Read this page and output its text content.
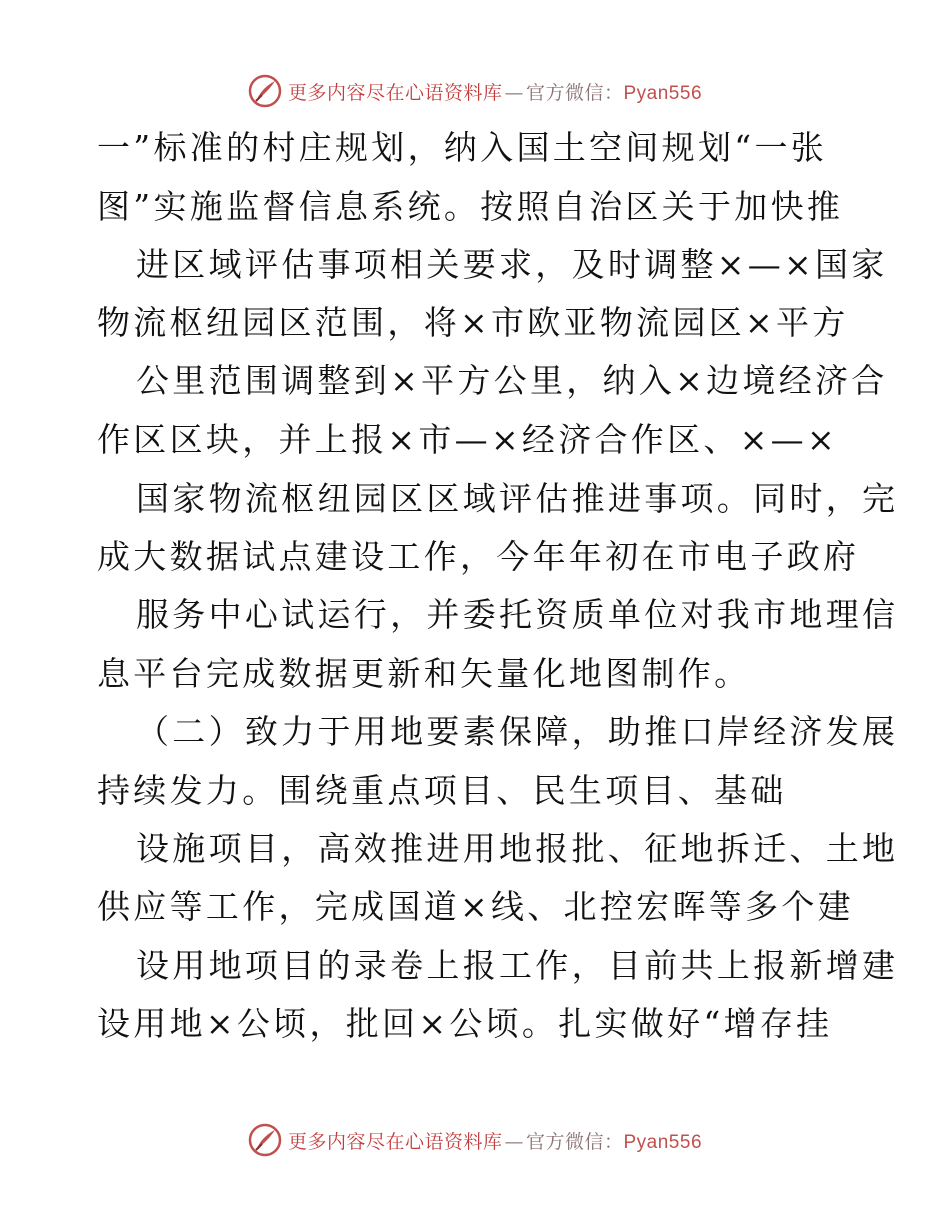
更多内容尽在心语资料库 — 官方微信：Pyan556
一”标准的村庄规划，纳入国土空间规划“一张
图”实施监督信息系统。按照自治区关于加快推
进区域评估事项相关要求，及时调整×—×国家
物流枢纽园区范围，将×市欧亚物流园区×平方
公里范围调整到×平方公里，纳入×边境经济合
作区区块，并上报×市—×经济合作区、×—×
国家物流枢纽园区区域评估推进事项。同时，完
成大数据试点建设工作，今年年初在市电子政府
服务中心试运行，并委托资质单位对我市地理信
息平台完成数据更新和矢量化地图制作。
（二）致力于用地要素保障，助推口岸经济发展
持续发力。围绕重点项目、民生项目、基础
设施项目，高效推进用地报批、征地拆迁、土地
供应等工作，完成国道×线、北控宏晖等多个建
设用地项目的录卷上报工作，目前共上报新增建
设用地×公顷，批回×公顷。扎实做好“增存挂
更多内容尽在心语资料库 — 官方微信：Pyan556
